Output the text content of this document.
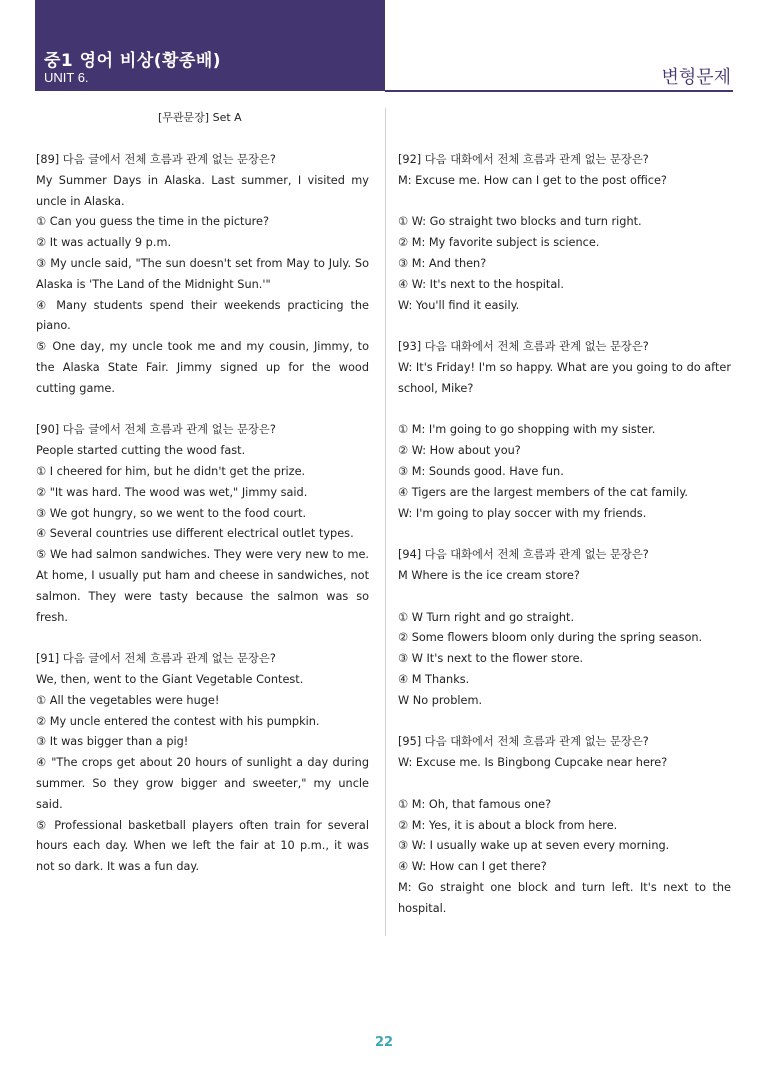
중1 영어 비상(황종배)
UNIT 6.	변형문제
[무관문장] Set A

[89] 다음 글에서 전체 흐름과 관계 없는 문장은?

My Summer Days in Alaska. Last summer, I visited my uncle in Alaska.

① Can you guess the time in the picture?

② It was actually 9 p.m.

③ My uncle said, "The sun doesn't set from May to July. So Alaska is 'The Land of the Midnight Sun.'"

④ Many students spend their weekends practicing the piano.

⑤ One day, my uncle took me and my cousin, Jimmy, to the Alaska State Fair. Jimmy signed up for the wood cutting game.

[90] 다음 글에서 전체 흐름과 관계 없는 문장은?

People started cutting the wood fast.

① I cheered for him, but he didn't get the prize.

② "It was hard. The wood was wet," Jimmy said.

③ We got hungry, so we went to the food court.

④ Several countries use different electrical outlet types.

⑤ We had salmon sandwiches. They were very new to me. At home, I usually put ham and cheese in sandwiches, not salmon. They were tasty because the salmon was so fresh.

[91] 다음 글에서 전체 흐름과 관계 없는 문장은?

We, then, went to the Giant Vegetable Contest.

① All the vegetables were huge!

② My uncle entered the contest with his pumpkin.

③ It was bigger than a pig!

④ "The crops get about 20 hours of sunlight a day during summer. So they grow bigger and sweeter," my uncle said.

⑤ Professional basketball players often train for several hours each day. When we left the fair at 10 p.m., it was not so dark. It was a fun day.

[92] 다음 대화에서 전체 흐름과 관계 없는 문장은?

M: Excuse me. How can I get to the post office?

① W: Go straight two blocks and turn right.

② M: My favorite subject is science.

③ M: And then?

④ W: It's next to the hospital.

W: You'll find it easily.

[93] 다음 대화에서 전체 흐름과 관계 없는 문장은?

W: It's Friday! I'm so happy. What are you going to do after school, Mike?

① M: I'm going to go shopping with my sister.

② W: How about you?

③ M: Sounds good. Have fun.

④ Tigers are the largest members of the cat family.

W: I'm going to play soccer with my friends.

[94] 다음 대화에서 전체 흐름과 관계 없는 문장은?

M Where is the ice cream store?

① W Turn right and go straight.

② Some flowers bloom only during the spring season.

③ W It's next to the flower store.

④ M Thanks.

W No problem.

[95] 다음 대화에서 전체 흐름과 관계 없는 문장은?

W: Excuse me. Is Bingbong Cupcake near here?

① M: Oh, that famous one?

② M: Yes, it is about a block from here.

③ W: I usually wake up at seven every morning.

④ W: How can I get there?

M: Go straight one block and turn left. It's next to the hospital.

22
